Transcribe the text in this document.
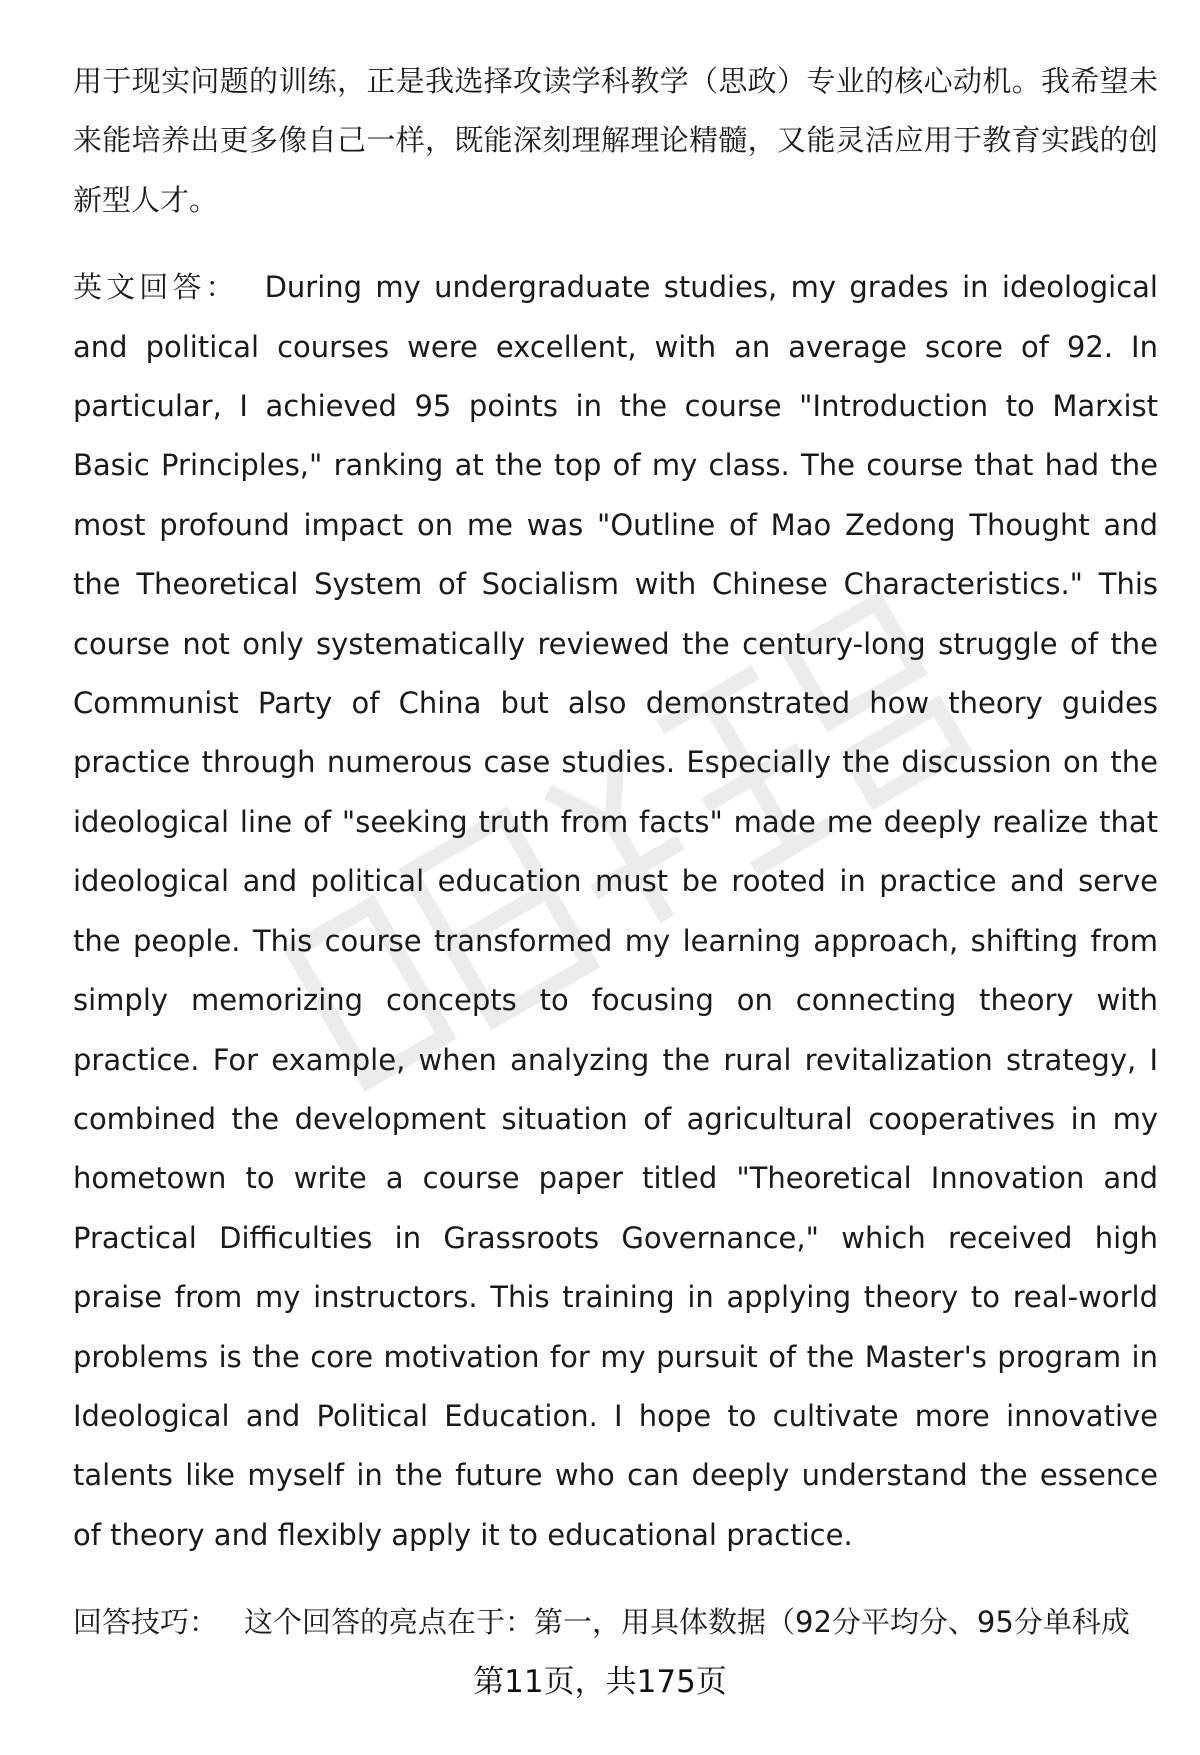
用于现实问题的训练，正是我选择攻读学科教学（思政）专业的核心动机。我希望未来能培养出更多像自己一样，既能深刻理解理论精髓，又能灵活应用于教育实践的创新型人才。

英文回答： During my undergraduate studies, my grades in ideological and political courses were excellent, with an average score of 92. In particular, I achieved 95 points in the course "Introduction to Marxist Basic Principles," ranking at the top of my class. The course that had the most profound impact on me was "Outline of Mao Zedong Thought and the Theoretical System of Socialism with Chinese Characteristics." This course not only systematically reviewed the century-long struggle of the Communist Party of China but also demonstrated how theory guides practice through numerous case studies. Especially the discussion on the ideological line of "seeking truth from facts" made me deeply realize that ideological and political education must be rooted in practice and serve the people. This course transformed my learning approach, shifting from simply memorizing concepts to focusing on connecting theory with practice. For example, when analyzing the rural revitalization strategy, I combined the development situation of agricultural cooperatives in my hometown to write a course paper titled "Theoretical Innovation and Practical Difficulties in Grassroots Governance," which received high praise from my instructors. This training in applying theory to real-world problems is the core motivation for my pursuit of the Master's program in Ideological and Political Education. I hope to cultivate more innovative talents like myself in the future who can deeply understand the essence of theory and flexibly apply it to educational practice.

回答技巧： 这个回答的亮点在于：第一，用具体数据（92分平均分、95分单科成

第11页，共175页
